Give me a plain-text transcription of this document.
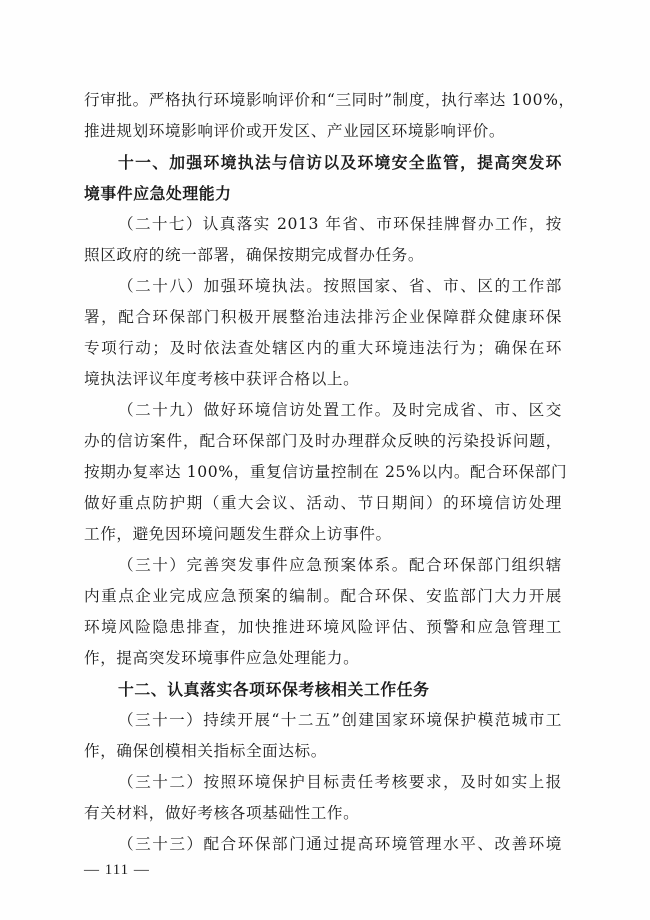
行审批。严格执行环境影响评价和“三同时”制度，执行率达 100%，
推进规划环境影响评价或开发区、产业园区环境影响评价。
十一、加强环境执法与信访以及环境安全监管，提高突发环
境事件应急处理能力
（二十七）认真落实 2013 年省、市环保挂牌督办工作，按
照区政府的统一部署，确保按期完成督办任务。
（二十八）加强环境执法。按照国家、省、市、区的工作部
署，配合环保部门积极开展整治违法排污企业保障群众健康环保
专项行动；及时依法查处辖区内的重大环境违法行为；确保在环
境执法评议年度考核中获评合格以上。
（二十九）做好环境信访处置工作。及时完成省、市、区交
办的信访案件，配合环保部门及时办理群众反映的污染投诉问题，
按期办复率达 100%，重复信访量控制在 25%以内。配合环保部门
做好重点防护期（重大会议、活动、节日期间）的环境信访处理
工作，避免因环境问题发生群众上访事件。
（三十）完善突发事件应急预案体系。配合环保部门组织辖
内重点企业完成应急预案的编制。配合环保、安监部门大力开展
环境风险隐患排查，加快推进环境风险评估、预警和应急管理工
作，提高突发环境事件应急处理能力。
十二、认真落实各项环保考核相关工作任务
（三十一）持续开展“十二五”创建国家环境保护模范城市工
作，确保创模相关指标全面达标。
（三十二）按照环境保护目标责任考核要求，及时如实上报
有关材料，做好考核各项基础性工作。
（三十三）配合环保部门通过提高环境管理水平、改善环境
— 111 —
